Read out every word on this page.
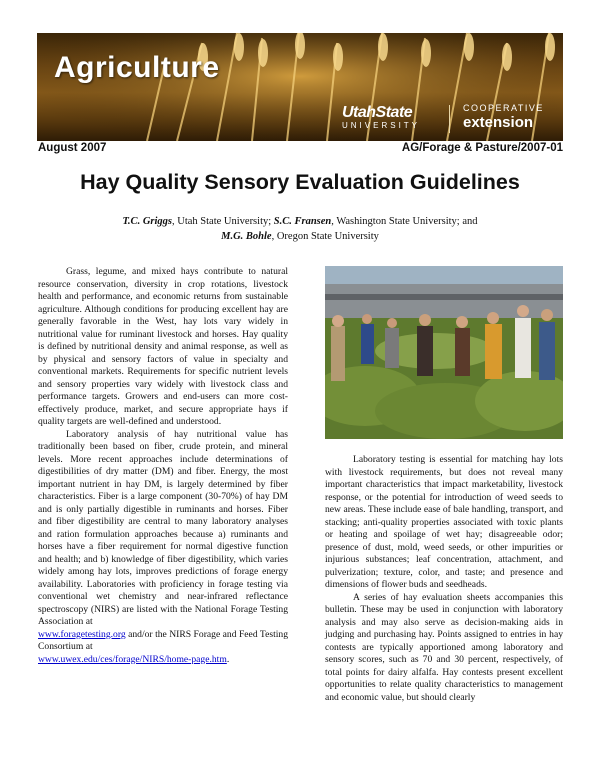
Agriculture
UtahState
UNIVERSITY
COOPERATIVE
extension
August 2007	AG/Forage & Pasture/2007-01
Hay Quality Sensory Evaluation Guidelines
T.C. Griggs, Utah State University; S.C. Fransen, Washington State University; and
M.G. Bohle, Oregon State University

Grass, legume, and mixed hays contribute to natural resource conservation, diversity in crop rotations, livestock health and performance, and economic returns from sustainable agriculture. Although conditions for producing excellent hay are generally favorable in the West, hay lots vary widely in nutritional value for ruminant livestock and horses. Hay quality is defined by nutritional density and animal response, as well as by physical and sensory factors of value in specialty and conventional markets. Requirements for specific nutrient levels and sensory properties vary widely with livestock class and performance targets. Growers and end-users can more cost-effectively produce, market, and secure appropriate hays if quality targets are well-defined and understood.

Laboratory analysis of hay nutritional value has traditionally been based on fiber, crude protein, and mineral levels. More recent approaches include determinations of digestibilities of dry matter (DM) and fiber. Energy, the most important nutrient in hay DM, is largely determined by fiber characteristics. Fiber is a large component (30-70%) of hay DM and is only partially digestible in ruminants and horses. Fiber and fiber digestibility are central to many laboratory analyses and ration formulation approaches because a) ruminants and horses have a fiber requirement for normal digestive function and health; and b) knowledge of fiber digestibility, which varies widely among hay lots, improves predictions of forage energy availability. Laboratories with proficiency in forage testing via conventional wet chemistry and near-infrared reflectance spectroscopy (NIRS) are listed with the National Forage Testing Association at
www.foragetesting.org and/or the NIRS Forage and Feed Testing Consortium at
www.uwex.edu/ces/forage/NIRS/home-page.htm.

Laboratory testing is essential for matching hay lots with livestock requirements, but does not reveal many important characteristics that impact marketability, livestock response, or the potential for introduction of weed seeds to new areas. These include ease of bale handling, transport, and stacking; anti-quality properties associated with toxic plants or heating and spoilage of wet hay; disagreeable odor; presence of dust, mold, weed seeds, or other impurities or injurious substances; leaf concentration, attachment, and pulverization; texture, color, and taste; and presence and dimensions of flower buds and seedheads.

A series of hay evaluation sheets accompanies this bulletin. These may be used in conjunction with laboratory analysis and may also serve as decision-making aids in judging and purchasing hay. Points assigned to entries in hay contests are typically apportioned among laboratory and sensory scores, such as 70 and 30 percent, respectively, of total points for dairy alfalfa. Hay contests present excellent opportunities to relate quality characteristics to management and economic value, but should clearly
